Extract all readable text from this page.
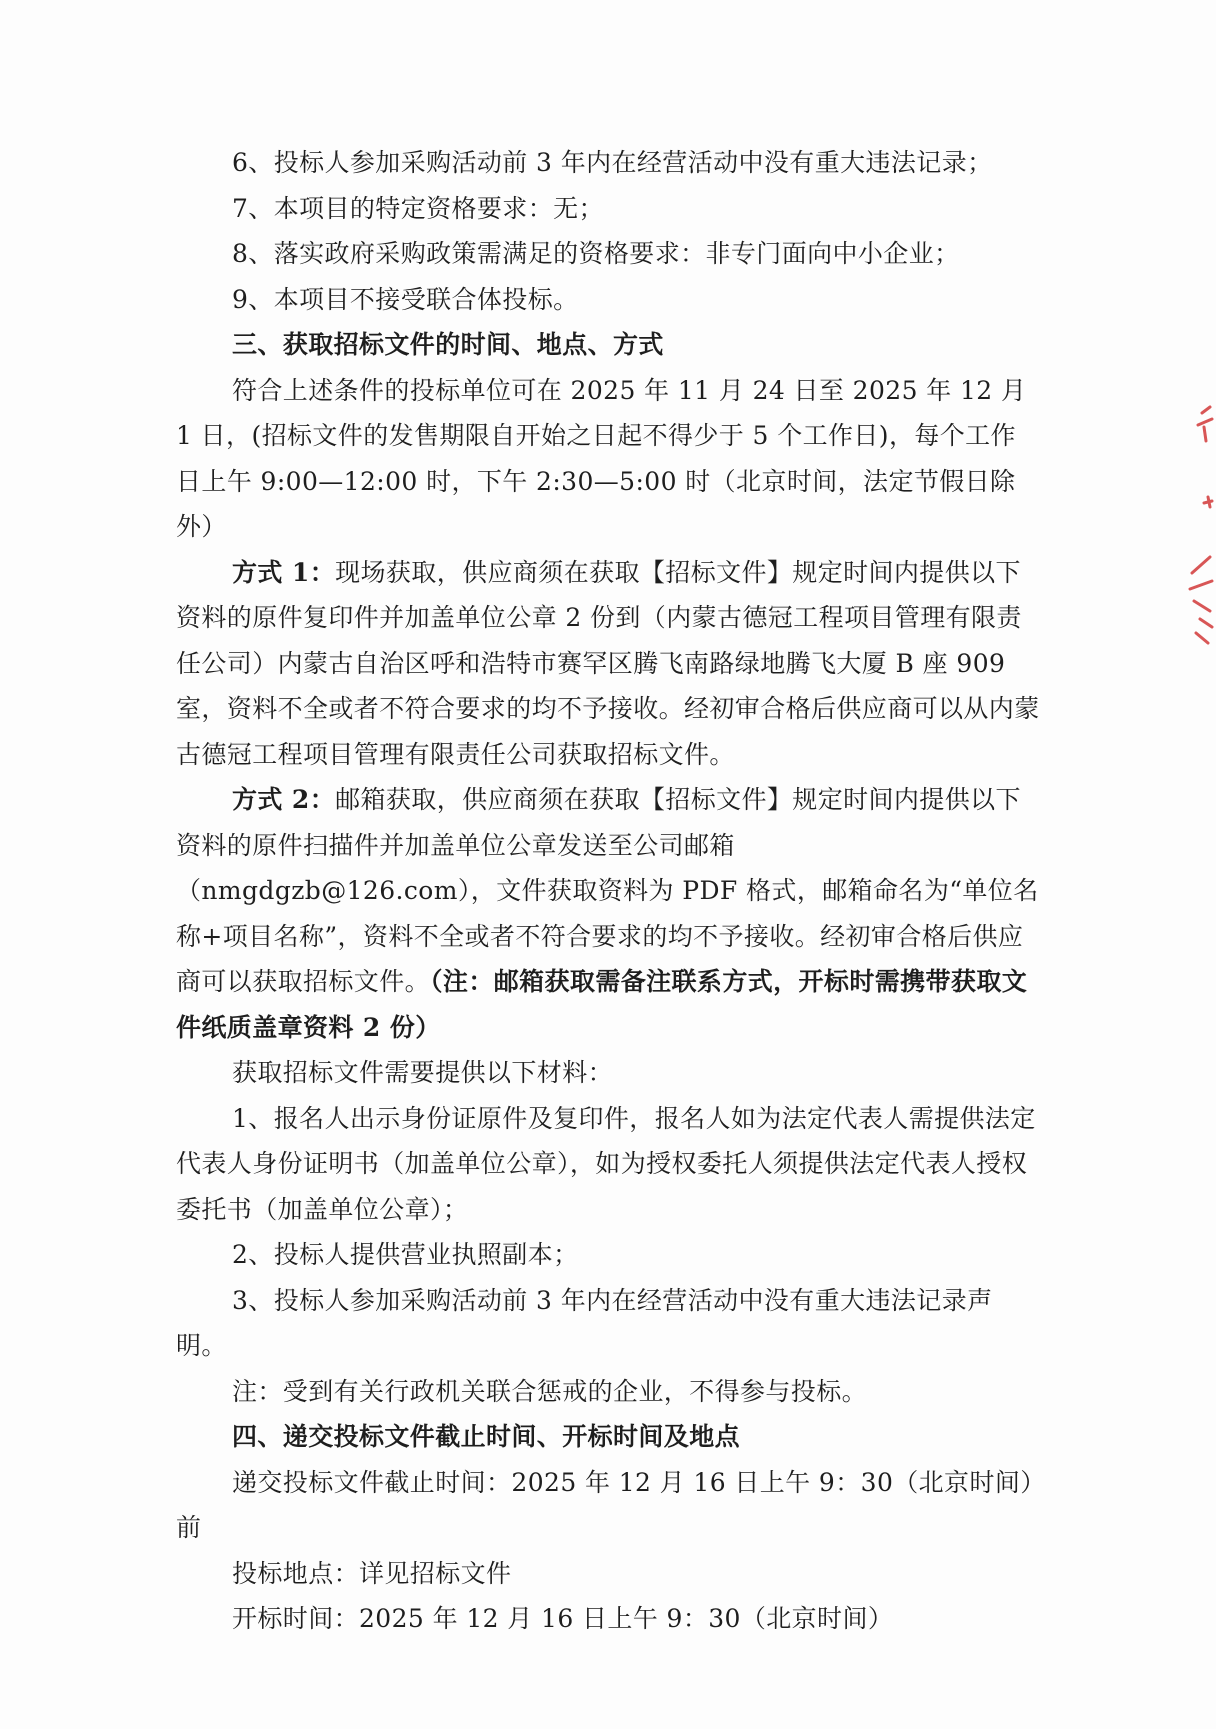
6、投标人参加采购活动前 3 年内在经营活动中没有重大违法记录；

7、本项目的特定资格要求：无；

8、落实政府采购政策需满足的资格要求：非专门面向中小企业；

9、本项目不接受联合体投标。

三、获取招标文件的时间、地点、方式

符合上述条件的投标单位可在 2025 年 11 月 24 日至 2025 年 12 月 1 日，(招标文件的发售期限自开始之日起不得少于 5 个工作日)，每个工作日上午 9:00—12:00 时，下午 2:30—5:00 时（北京时间，法定节假日除外）

方式 1：现场获取，供应商须在获取【招标文件】规定时间内提供以下资料的原件复印件并加盖单位公章 2 份到（内蒙古德冠工程项目管理有限责任公司）内蒙古自治区呼和浩特市赛罕区腾飞南路绿地腾飞大厦 B 座 909 室，资料不全或者不符合要求的均不予接收。经初审合格后供应商可以从内蒙古德冠工程项目管理有限责任公司获取招标文件。

方式 2：邮箱获取，供应商须在获取【招标文件】规定时间内提供以下资料的原件扫描件并加盖单位公章发送至公司邮箱（nmgdgzb@126.com），文件获取资料为 PDF 格式，邮箱命名为“单位名称+项目名称”，资料不全或者不符合要求的均不予接收。经初审合格后供应商可以获取招标文件。（注：邮箱获取需备注联系方式，开标时需携带获取文件纸质盖章资料 2 份）

获取招标文件需要提供以下材料：

1、报名人出示身份证原件及复印件，报名人如为法定代表人需提供法定代表人身份证明书（加盖单位公章），如为授权委托人须提供法定代表人授权委托书（加盖单位公章）；

2、投标人提供营业执照副本；

3、投标人参加采购活动前 3 年内在经营活动中没有重大违法记录声明。

注：受到有关行政机关联合惩戒的企业，不得参与投标。

四、递交投标文件截止时间、开标时间及地点

递交投标文件截止时间：2025 年 12 月 16 日上午 9：30（北京时间）前

投标地点：详见招标文件

开标时间：2025 年 12 月 16 日上午 9：30（北京时间）
